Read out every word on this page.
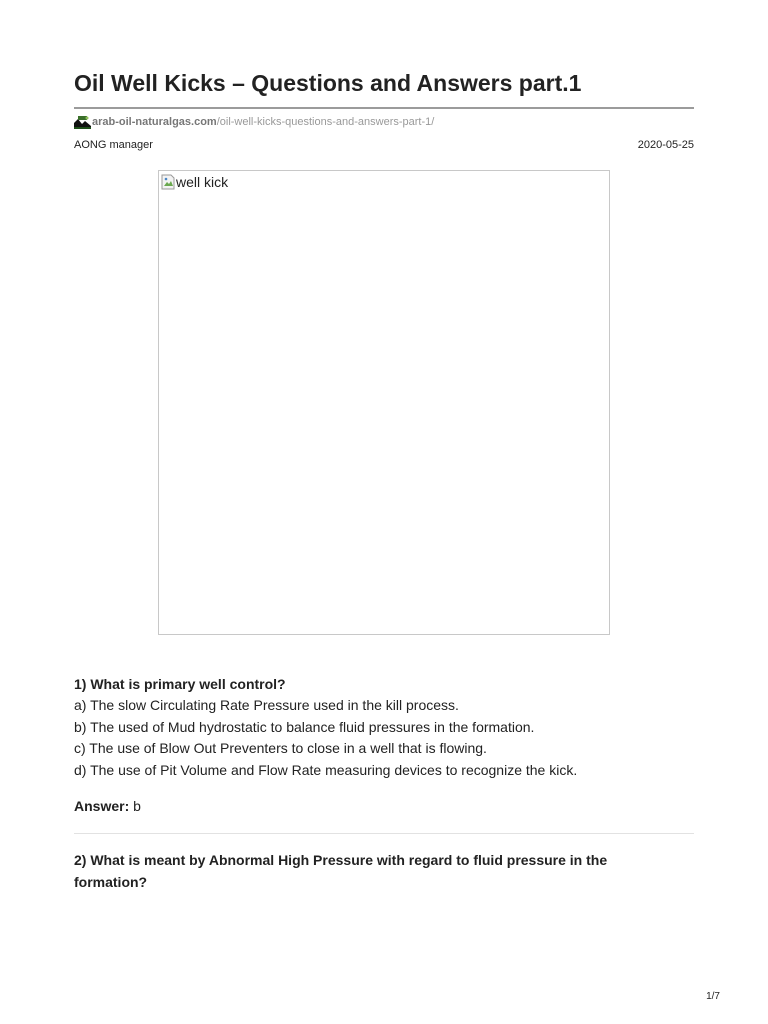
Oil Well Kicks – Questions and Answers part.1
arab-oil-naturalgas.com /oil-well-kicks-questions-and-answers-part-1/
AONG manager	2020-05-25
well kick

1) What is primary well control?

a) The slow Circulating Rate Pressure used in the kill process.

b) The used of Mud hydrostatic to balance fluid pressures in the formation.

c) The use of Blow Out Preventers to close in a well that is flowing.

d) The use of Pit Volume and Flow Rate measuring devices to recognize the kick.

Answer: b

2) What is meant by Abnormal High Pressure with regard to fluid pressure in the

formation?

1/7
